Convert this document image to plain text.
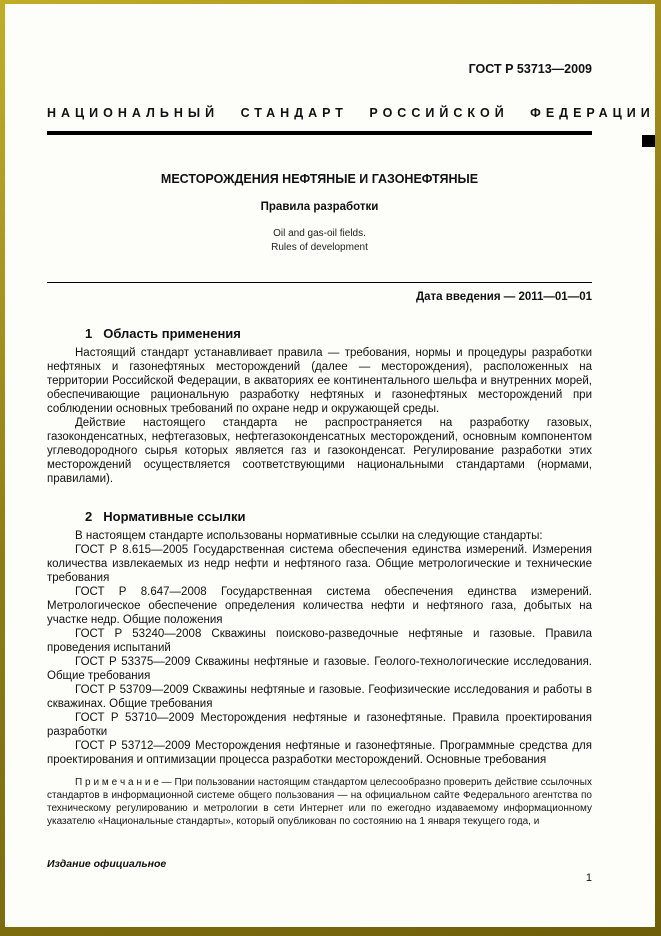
ГОСТ Р 53713—2009
НАЦИОНАЛЬНЫЙ СТАНДАРТ РОССИЙСКОЙ ФЕДЕРАЦИИ
МЕСТОРОЖДЕНИЯ НЕФТЯНЫЕ И ГАЗОНЕФТЯНЫЕ
Правила разработки
Oil and gas-oil fields.
Rules of development
Дата введения — 2011—01—01
1 Область применения
Настоящий стандарт устанавливает правила — требования, нормы и процедуры разработки нефтяных и газонефтяных месторождений (далее — месторождения), расположенных на территории Российской Федерации, в акваториях ее континентального шельфа и внутренних морей, обеспечивающие рациональную разработку нефтяных и газонефтяных месторождений при соблюдении основных требований по охране недр и окружающей среды.
Действие настоящего стандарта не распространяется на разработку газовых, газоконденсатных, нефтегазовых, нефтегазоконденсатных месторождений, основным компонентом углеводородного сырья которых является газ и газоконденсат. Регулирование разработки этих месторождений осуществляется соответствующими национальными стандартами (нормами, правилами).
2 Нормативные ссылки
В настоящем стандарте использованы нормативные ссылки на следующие стандарты:
ГОСТ Р 8.615—2005 Государственная система обеспечения единства измерений. Измерения количества извлекаемых из недр нефти и нефтяного газа. Общие метрологические и технические требования
ГОСТ Р 8.647—2008 Государственная система обеспечения единства измерений. Метрологическое обеспечение определения количества нефти и нефтяного газа, добытых на участке недр. Общие положения
ГОСТ Р 53240—2008 Скважины поисково-разведочные нефтяные и газовые. Правила проведения испытаний
ГОСТ Р 53375—2009 Скважины нефтяные и газовые. Геолого-технологические исследования. Общие требования
ГОСТ Р 53709—2009 Скважины нефтяные и газовые. Геофизические исследования и работы в скважинах. Общие требования
ГОСТ Р 53710—2009 Месторождения нефтяные и газонефтяные. Правила проектирования разработки
ГОСТ Р 53712—2009 Месторождения нефтяные и газонефтяные. Программные средства для проектирования и оптимизации процесса разработки месторождений. Основные требования
П р и м е ч а н и е — При пользовании настоящим стандартом целесообразно проверить действие ссылочных стандартов в информационной системе общего пользования — на официальном сайте Федерального агентства по техническому регулированию и метрологии в сети Интернет или по ежегодно издаваемому информационному указателю «Национальные стандарты», который опубликован по состоянию на 1 января текущего года, и
Издание официальное
1
